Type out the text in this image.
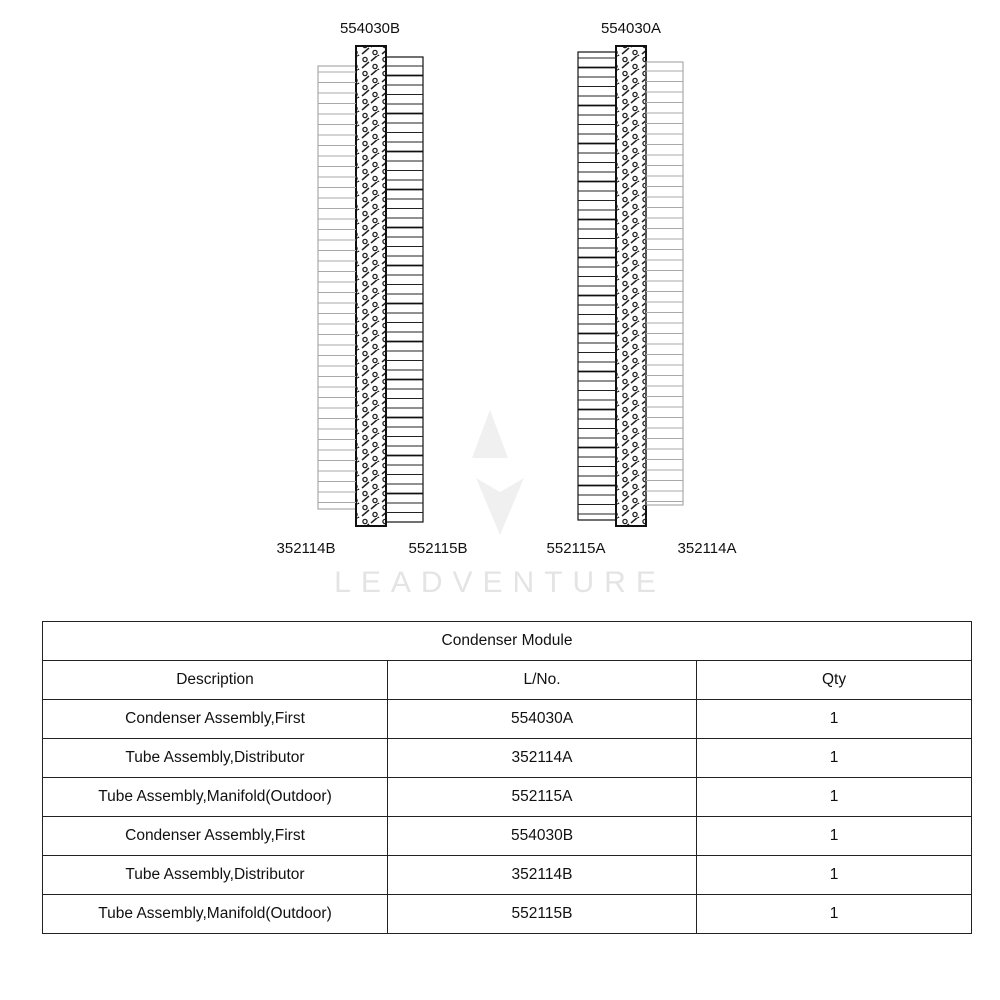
LEADVENTURE
554030B	554030A
352114B	552115B	552115A	352114A
Condenser Module		
Description	L/No.	Qty
Condenser Assembly,First	554030A	1
Tube Assembly,Distributor	352114A	1
Tube Assembly,Manifold(Outdoor)	552115A	1
Condenser Assembly,First	554030B	1
Tube Assembly,Distributor	352114B	1
Tube Assembly,Manifold(Outdoor)	552115B	1
